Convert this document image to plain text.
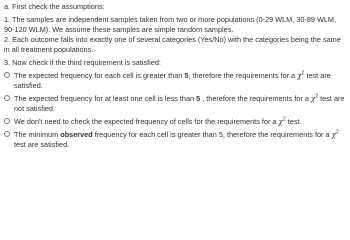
a. First check the assumptions:

1. The samples are independent samples taken from two or more populations (0-29 WLM, 30-89 WLM, 90-120 WLM). We assume these samples are simple random samples.

2. Each outcome falls into exactly one of several categories (Yes/No) with the categories being the same in all treatment populations.

3. Now check if the third requirement is satisfied:

The expected frequency for each cell is greater than 5, therefore the requirements for a $\chi^2$ test are satisfied.
The expected frequency for at least one cell is less than 5 , therefore the requirements for a $\chi^2$ test are not satisfied.
We don't need to check the expected frequency of cells for the requirements for a $\chi^2$ test.
The minimum observed frequency for each cell is greater than 5, therefore the requirements for a $\chi^2$ test are satisfied.
